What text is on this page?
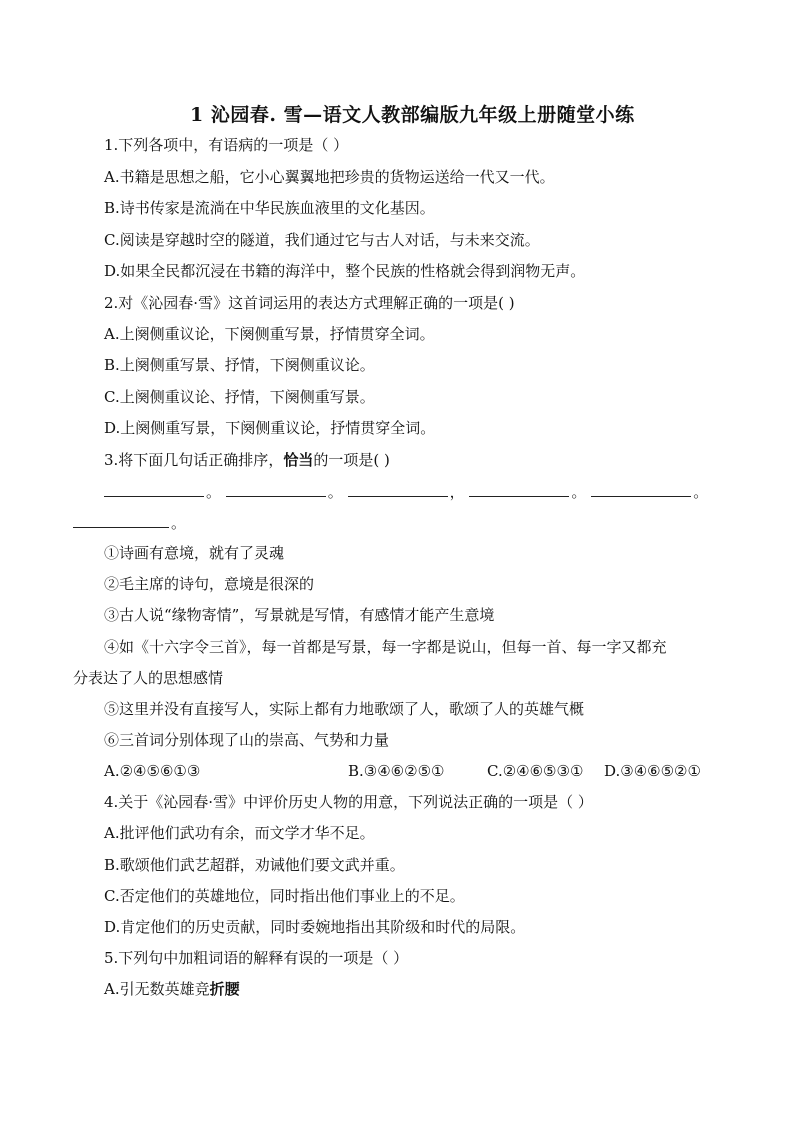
1 沁园春. 雪—语文人教部编版九年级上册随堂小练
1.下列各项中，有语病的一项是（ ）
A.书籍是思想之船，它小心翼翼地把珍贵的货物运送给一代又一代。
B.诗书传家是流淌在中华民族血液里的文化基因。
C.阅读是穿越时空的隧道，我们通过它与古人对话，与未来交流。
D.如果全民都沉浸在书籍的海洋中，整个民族的性格就会得到润物无声。
2.对《沁园春·雪》这首词运用的表达方式理解正确的一项是( )
A.上阕侧重议论，下阕侧重写景，抒情贯穿全词。
B.上阕侧重写景、抒情，下阕侧重议论。
C.上阕侧重议论、抒情，下阕侧重写景。
D.上阕侧重写景，下阕侧重议论，抒情贯穿全词。
3.将下面几句话正确排序，恰当的一项是( )
。	。	，	。	。
。
①诗画有意境，就有了灵魂
②毛主席的诗句，意境是很深的
③古人说“缘物寄情”，写景就是写情，有感情才能产生意境
④如《十六字令三首》，每一首都是写景，每一字都是说山，但每一首、每一字又都充
分表达了人的思想感情
⑤这里并没有直接写人，实际上都有力地歌颂了人，歌颂了人的英雄气概
⑥三首词分别体现了山的崇高、气势和力量
A.②④⑤⑥①③	B.③④⑥②⑤①	C.②④⑥⑤③① D.③④⑥⑤②①
4.关于《沁园春·雪》中评价历史人物的用意，下列说法正确的一项是（ ）
A.批评他们武功有余，而文学才华不足。
B.歌颂他们武艺超群，劝诫他们要文武并重。
C.否定他们的英雄地位，同时指出他们事业上的不足。
D.肯定他们的历史贡献，同时委婉地指出其阶级和时代的局限。
5.下列句中加粗词语的解释有误的一项是（ ）
A.引无数英雄竞折腰
